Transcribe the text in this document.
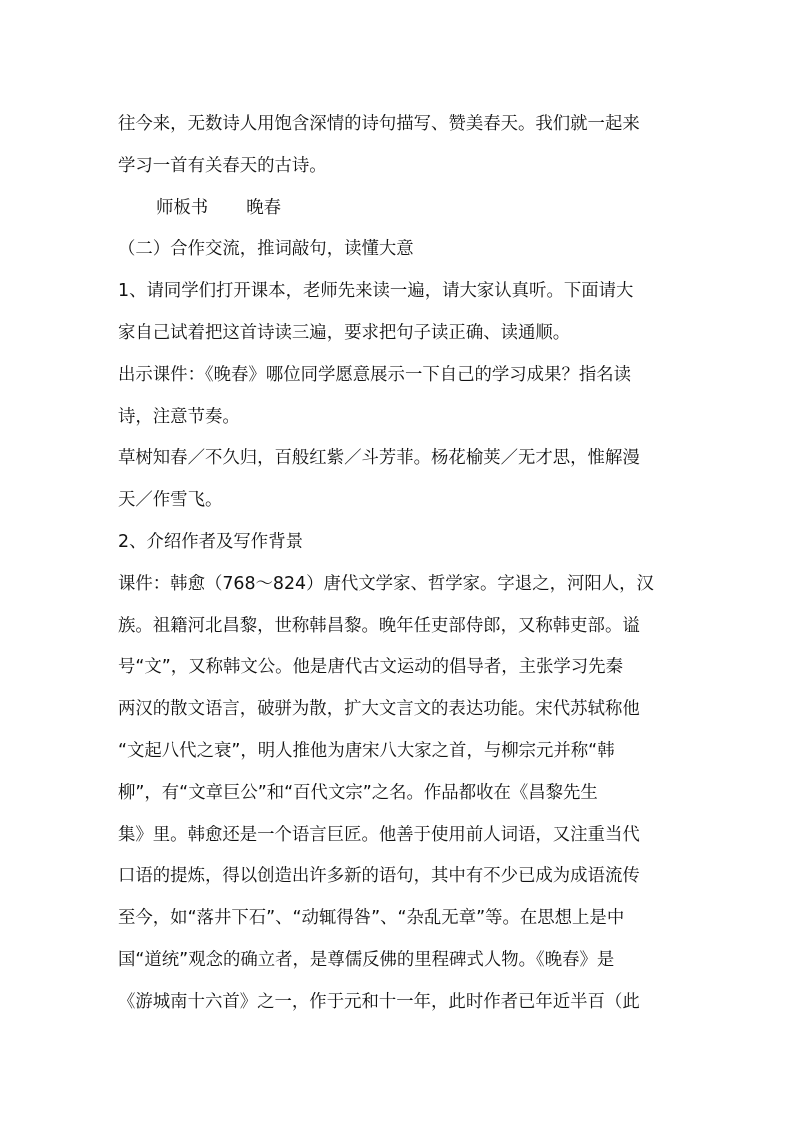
往今来，无数诗人用饱含深情的诗句描写、赞美春天。我们就一起来

学习一首有关春天的古诗。

师板书 晚春

（二）合作交流，推词敲句，读懂大意

1、请同学们打开课本，老师先来读一遍，请大家认真听。下面请大

家自己试着把这首诗读三遍，要求把句子读正确、读通顺。

出示课件：《晚春》哪位同学愿意展示一下自己的学习成果？指名读

诗，注意节奏。

草树知春／不久归，百般红紫／斗芳菲。杨花榆荚／无才思，惟解漫

天／作雪飞。

2、介绍作者及写作背景

课件：韩愈（768～824）唐代文学家、哲学家。字退之，河阳人，汉

族。祖籍河北昌黎，世称韩昌黎。晚年任吏部侍郎，又称韩吏部。谥

号“文”，又称韩文公。他是唐代古文运动的倡导者，主张学习先秦

两汉的散文语言，破骈为散，扩大文言文的表达功能。宋代苏轼称他

“文起八代之衰”，明人推他为唐宋八大家之首，与柳宗元并称“韩

柳”，有“文章巨公”和“百代文宗”之名。作品都收在《昌黎先生

集》里。韩愈还是一个语言巨匠。他善于使用前人词语，又注重当代

口语的提炼，得以创造出许多新的语句，其中有不少已成为成语流传

至今，如“落井下石”、“动辄得咎”、“杂乱无章”等。在思想上是中

国“道统”观念的确立者，是尊儒反佛的里程碑式人物。《晚春》是

《游城南十六首》之一，作于元和十一年，此时作者已年近半百（此
